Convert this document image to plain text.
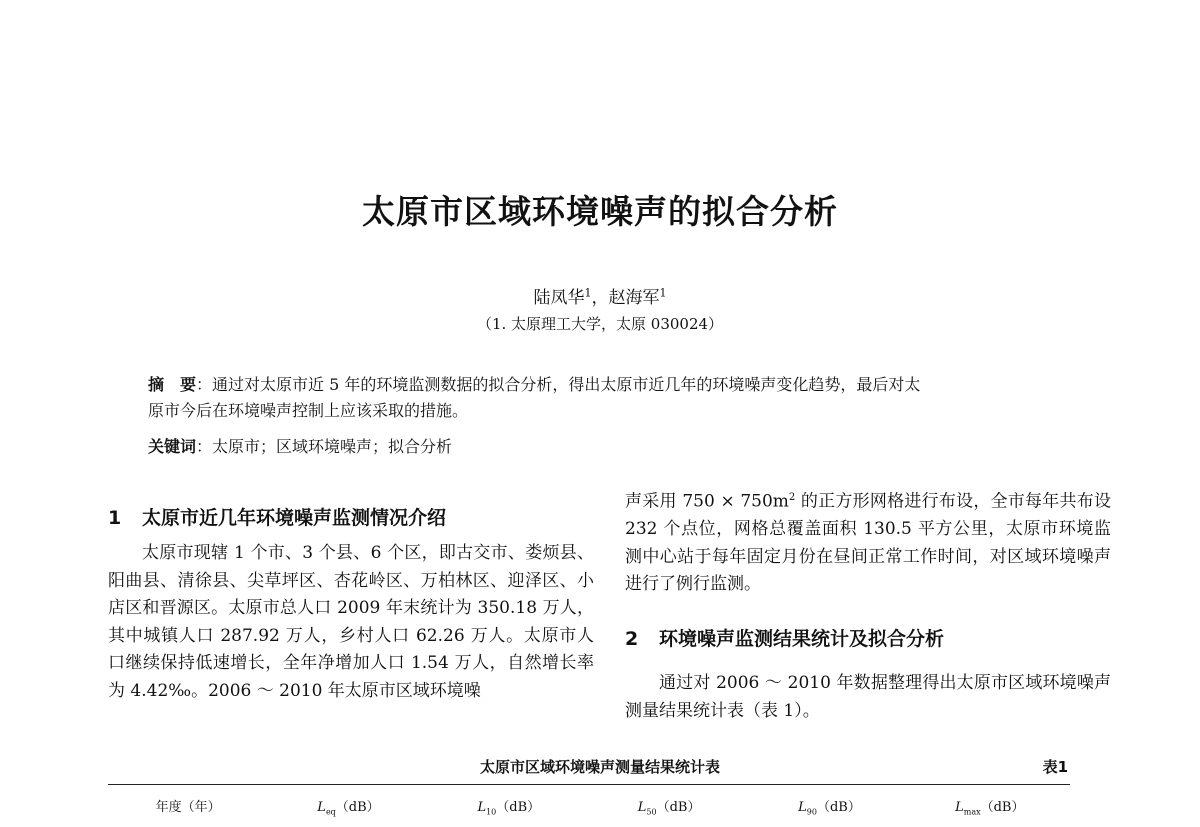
太原市区域环境噪声的拟合分析
陆凤华$^1$，赵海军$^1$
（1. 太原理工大学，太原 030024）
摘　要：通过对太原市近 5 年的环境监测数据的拟合分析，得出太原市近几年的环境噪声变化趋势，最后对太
原市今后在环境噪声控制上应该采取的措施。
关键词：太原市；区域环境噪声；拟合分析
1 太原市近几年环境噪声监测情况介绍
太原市现辖 1 个市、3 个县、6 个区，即古交市、娄烦县、阳曲县、清徐县、尖草坪区、杏花岭区、万柏林区、迎泽区、小店区和晋源区。太原市总人口 2009 年末统计为 350.18 万人，其中城镇人口 287.92 万人，乡村人口 62.26 万人。太原市人口继续保持低速增长，全年净增加人口 1.54 万人，自然增长率为 4.42‰。2006 ～ 2010 年太原市区域环境噪
声采用 $750 \times 750m^2$ 的正方形网格进行布设，全市每年共布设 232 个点位，网格总覆盖面积 130.5 平方公里，太原市环境监测中心站于每年固定月份在昼间正常工作时间，对区域环境噪声进行了例行监测。
2 环境噪声监测结果统计及拟合分析
通过对 2006 ～ 2010 年数据整理得出太原市区域环境噪声测量结果统计表（表 1）。
太原市区域环境噪声测量结果统计表	表1
年度（年）	$L_{eq}(dB)$	$L_{10}(dB)$	$L_{50}(dB)$	$L_{90}(dB)$	$L_{max}(dB)$
